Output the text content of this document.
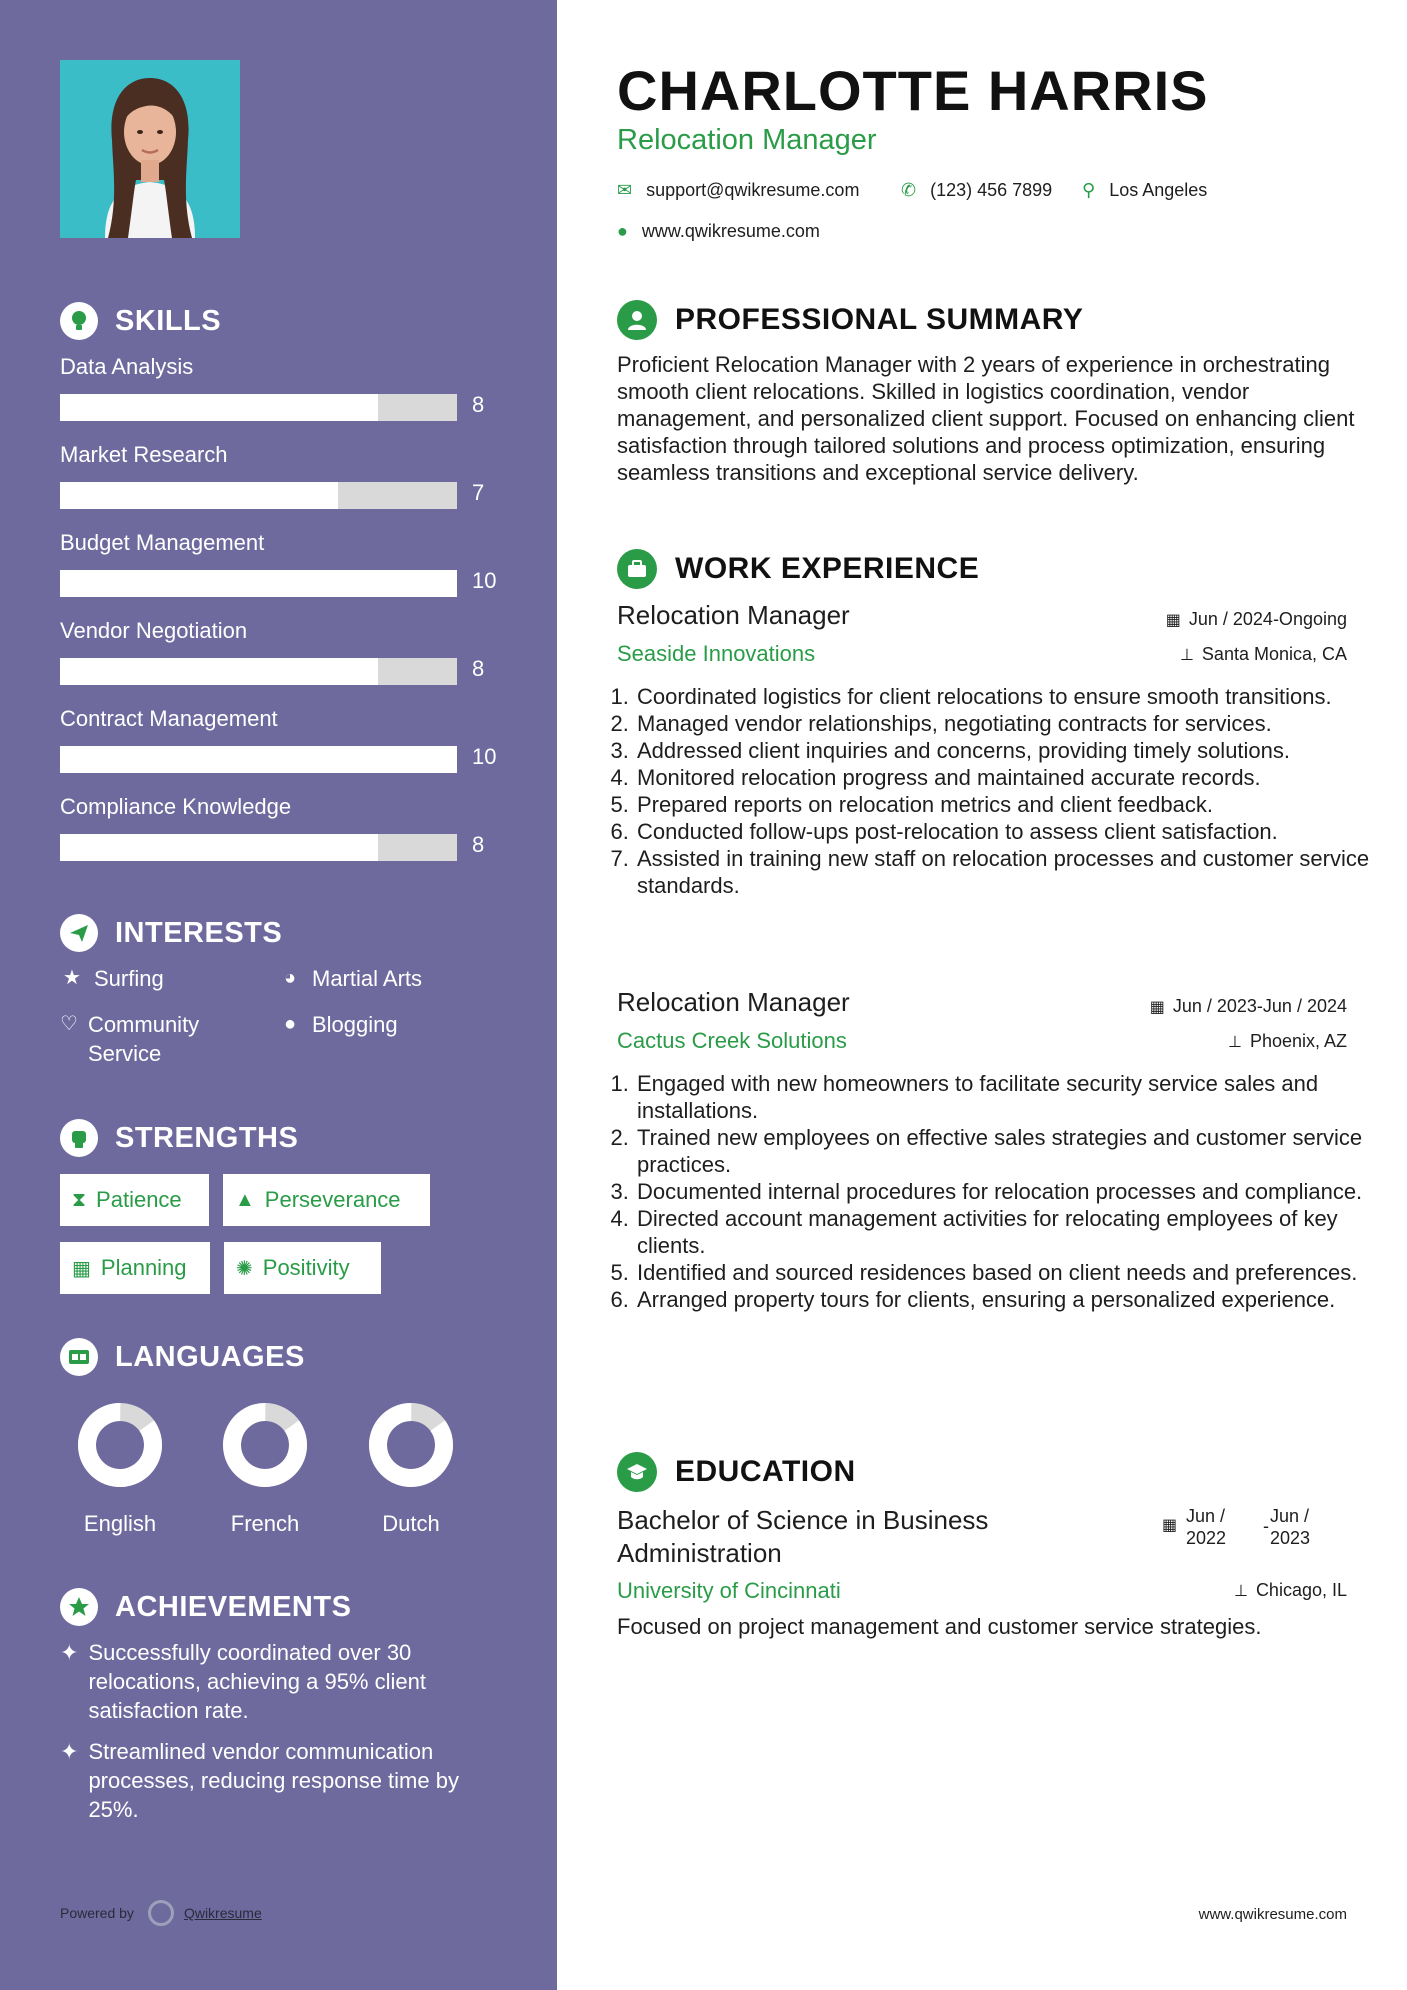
SKILLS
Data Analysis
8
Market Research
7
Budget Management
10
Vendor Negotiation
8
Contract Management
10
Compliance Knowledge
8
INTERESTS
★ Surfing	◕ Martial Arts
♡ Community Service
● Blogging
STRENGTHS
⧗ Patience	▲ Perseverance
▦ Planning ✺ Positivity
LANGUAGES
English	French	Dutch
ACHIEVEMENTS
✦ Successfully coordinated over 30 relocations, achieving a 95% client satisfaction rate.
✦ Streamlined vendor communication processes, reducing response time by 25%.
Powered by	Qwikresume
CHARLOTTE HARRIS
Relocation Manager
✉ support@qwikresume.com ✆ (123) 456 7899 ⚲ Los Angeles
● www.qwikresume.com
PROFESSIONAL SUMMARY
Proficient Relocation Manager with 2 years of experience in orchestrating smooth client relocations. Skilled in logistics coordination, vendor management, and personalized client support. Focused on enhancing client satisfaction through tailored solutions and process optimization, ensuring seamless transitions and exceptional service delivery.
WORK EXPERIENCE
Relocation Manager	▦ Jun / 2024-Ongoing
Seaside Innovations	⊥ Santa Monica, CA
1. Coordinated logistics for client relocations to ensure smooth transitions.
2. Managed vendor relationships, negotiating contracts for services.
3. Addressed client inquiries and concerns, providing timely solutions.
4. Monitored relocation progress and maintained accurate records.
5. Prepared reports on relocation metrics and client feedback.
6. Conducted follow-ups post-relocation to assess client satisfaction.
7. Assisted in training new staff on relocation processes and customer service standards.
Relocation Manager	▦ Jun / 2023-Jun / 2024
Cactus Creek Solutions	⊥ Phoenix, AZ
1. Engaged with new homeowners to facilitate security service sales and installations.
2. Trained new employees on effective sales strategies and customer service practices.
3. Documented internal procedures for relocation processes and compliance.
4. Directed account management activities for relocating employees of key clients.
5. Identified and sourced residences based on client needs and preferences.
6. Arranged property tours for clients, ensuring a personalized experience.
EDUCATION
Bachelor of Science in Business Administration
▦ Jun / 2022
- Jun / 2023
University of Cincinnati	⊥ Chicago, IL
Focused on project management and customer service strategies.
www.qwikresume.com
